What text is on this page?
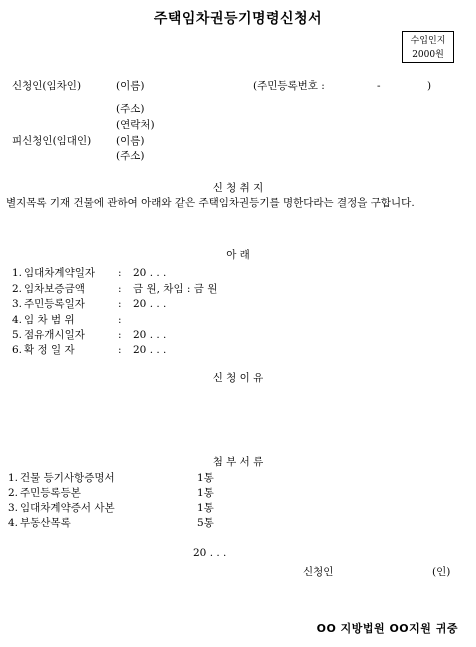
주택임차권등기명령신청서
수입인지
2000원
신청인(임차인)	(이름)	(주민등록번호 :	-	)
(주소)
(연락처)
피신청인(임대인) (이름)
(주소)
신 청 취 지
별지목록 기재 건물에 관하여 아래와 같은 주택임차권등기를 명한다라는 결정을 구합니다.
아 래
1. 임대차계약일자 : 20 . . .
2. 임차보증금액	: 금 원, 차임 : 금 원
3. 주민등록일자	: 20 . . .
4. 임 차 범 위	:
5. 점유개시일자	: 20 . . .
6. 확 정 일 자	: 20 . . .
신 청 이 유
첨 부 서 류
1. 건물 등기사항증명서	1통
2. 주민등록등본	1통
3. 임대차계약증서 사본	1통
4. 부동산목록	5통
20 . . .
신청인	(인)
OO 지방법원 OO지원 귀중
